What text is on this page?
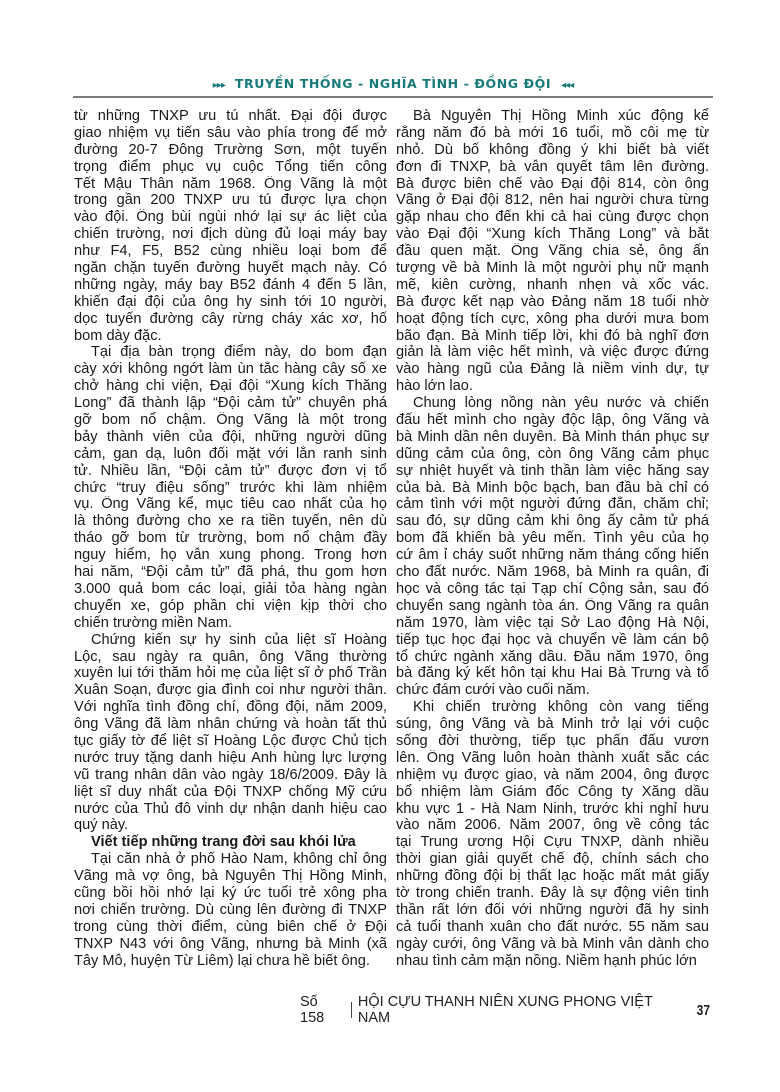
▸▸▸ TRUYỀN THỐNG - NGHĨA TÌNH - ĐỒNG ĐỘI ◂◂◂
từ những TNXP ưu tú nhất. Đại đội được
giao nhiệm vụ tiến sâu vào phía trong để mở
đường 20-7 Đông Trường Sơn, một tuyến
trọng điểm phục vụ cuộc Tổng tiến công
Tết Mậu Thân năm 1968. Ông Vãng là một
trong gần 200 TNXP ưu tú được lựa chọn
vào đội. Ông bùi ngùi nhớ lại sự ác liệt của
chiến trường, nơi địch dùng đủ loại máy bay
như F4, F5, B52 cùng nhiều loại bom để
ngăn chặn tuyến đường huyết mạch này. Có
những ngày, máy bay B52 đánh 4 đến 5 lần,
khiến đại đội của ông hy sinh tới 10 người,
dọc tuyến đường cây rừng cháy xác xơ, hố
bom dày đặc.
Tại địa bàn trọng điểm này, do bom đạn
cày xới không ngớt làm ùn tắc hàng cây số xe
chở hàng chi viện, Đại đội “Xung kích Thăng
Long” đã thành lập “Đội cảm tử” chuyên phá
gỡ bom nổ chậm. Ông Vãng là một trong
bảy thành viên của đội, những người dũng
cảm, gan dạ, luôn đối mặt với lằn ranh sinh
tử. Nhiều lần, “Đội cảm tử” được đơn vị tổ
chức “truy điệu sống” trước khi làm nhiệm
vụ. Ông Vãng kể, mục tiêu cao nhất của họ
là thông đường cho xe ra tiền tuyến, nên dù
tháo gỡ bom từ trường, bom nổ chậm đầy
nguy hiểm, họ vẫn xung phong. Trong hơn
hai năm, “Đội cảm tử” đã phá, thu gom hơn
3.000 quả bom các loại, giải tỏa hàng ngàn
chuyến xe, góp phần chi viện kịp thời cho
chiến trường miền Nam.
Chứng kiến sự hy sinh của liệt sĩ Hoàng
Lộc, sau ngày ra quân, ông Vãng thường
xuyên lui tới thăm hỏi mẹ của liệt sĩ ở phố Trần
Xuân Soạn, được gia đình coi như người thân.
Với nghĩa tình đồng chí, đồng đội, năm 2009,
ông Vãng đã làm nhân chứng và hoàn tất thủ
tục giấy tờ để liệt sĩ Hoàng Lộc được Chủ tịch
nước truy tặng danh hiệu Anh hùng lực lượng
vũ trang nhân dân vào ngày 18/6/2009. Đây là
liệt sĩ duy nhất của Đội TNXP chống Mỹ cứu
nước của Thủ đô vinh dự nhận danh hiệu cao
quý này.
Viết tiếp những trang đời sau khói lửa
Tại căn nhà ở phố Hào Nam, không chỉ ông
Vãng mà vợ ông, bà Nguyễn Thị Hồng Minh,
cũng bồi hồi nhớ lại ký ức tuổi trẻ xông pha
nơi chiến trường. Dù cùng lên đường đi TNXP
trong cùng thời điểm, cùng biên chế ở Đội
TNXP N43 với ông Vãng, nhưng bà Minh (xã
Tây Mỗ, huyện Từ Liêm) lại chưa hề biết ông.
Bà Nguyễn Thị Hồng Minh xúc động kể
rằng năm đó bà mới 16 tuổi, mồ côi mẹ từ
nhỏ. Dù bố không đồng ý khi biết bà viết
đơn đi TNXP, bà vẫn quyết tâm lên đường.
Bà được biên chế vào Đại đội 814, còn ông
Vãng ở Đại đội 812, nên hai người chưa từng
gặp nhau cho đến khi cả hai cùng được chọn
vào Đại đội “Xung kích Thăng Long” và bắt
đầu quen mặt. Ông Vãng chia sẻ, ông ấn
tượng về bà Minh là một người phụ nữ mạnh
mẽ, kiên cường, nhanh nhẹn và xốc vác.
Bà được kết nạp vào Đảng năm 18 tuổi nhờ
hoạt động tích cực, xông pha dưới mưa bom
bão đạn. Bà Minh tiếp lời, khi đó bà nghĩ đơn
giản là làm việc hết mình, và việc được đứng
vào hàng ngũ của Đảng là niềm vinh dự, tự
hào lớn lao.
Chung lòng nồng nàn yêu nước và chiến
đấu hết mình cho ngày độc lập, ông Vãng và
bà Minh dần nên duyên. Bà Minh thán phục sự
dũng cảm của ông, còn ông Vãng cảm phục
sự nhiệt huyết và tinh thần làm việc hăng say
của bà. Bà Minh bộc bạch, ban đầu bà chỉ có
cảm tình với một người đứng đắn, chăm chỉ;
sau đó, sự dũng cảm khi ông ấy cảm tử phá
bom đã khiến bà yêu mến. Tình yêu của họ
cứ âm ỉ cháy suốt những năm tháng cống hiến
cho đất nước. Năm 1968, bà Minh ra quân, đi
học và công tác tại Tạp chí Cộng sản, sau đó
chuyển sang ngành tòa án. Ông Vãng ra quân
năm 1970, làm việc tại Sở Lao động Hà Nội,
tiếp tục học đại học và chuyển về làm cán bộ
tổ chức ngành xăng dầu. Đầu năm 1970, ông
bà đăng ký kết hôn tại khu Hai Bà Trưng và tổ
chức đám cưới vào cuối năm.
Khi chiến trường không còn vang tiếng
súng, ông Vãng và bà Minh trở lại với cuộc
sống đời thường, tiếp tục phấn đấu vươn
lên. Ông Vãng luôn hoàn thành xuất sắc các
nhiệm vụ được giao, và năm 2004, ông được
bổ nhiệm làm Giám đốc Công ty Xăng dầu
khu vực 1 - Hà Nam Ninh, trước khi nghỉ hưu
vào năm 2006. Năm 2007, ông về công tác
tại Trung ương Hội Cựu TNXP, dành nhiều
thời gian giải quyết chế độ, chính sách cho
những đồng đội bị thất lạc hoặc mất mát giấy
tờ trong chiến tranh. Đây là sự động viên tinh
thần rất lớn đối với những người đã hy sinh
cả tuổi thanh xuân cho đất nước. 55 năm sau
ngày cưới, ông Vãng và bà Minh vẫn dành cho
nhau tình cảm mặn nồng. Niềm hạnh phúc lớn
Số 158
HỘI CỰU THANH NIÊN XUNG PHONG VIỆT NAM	37
